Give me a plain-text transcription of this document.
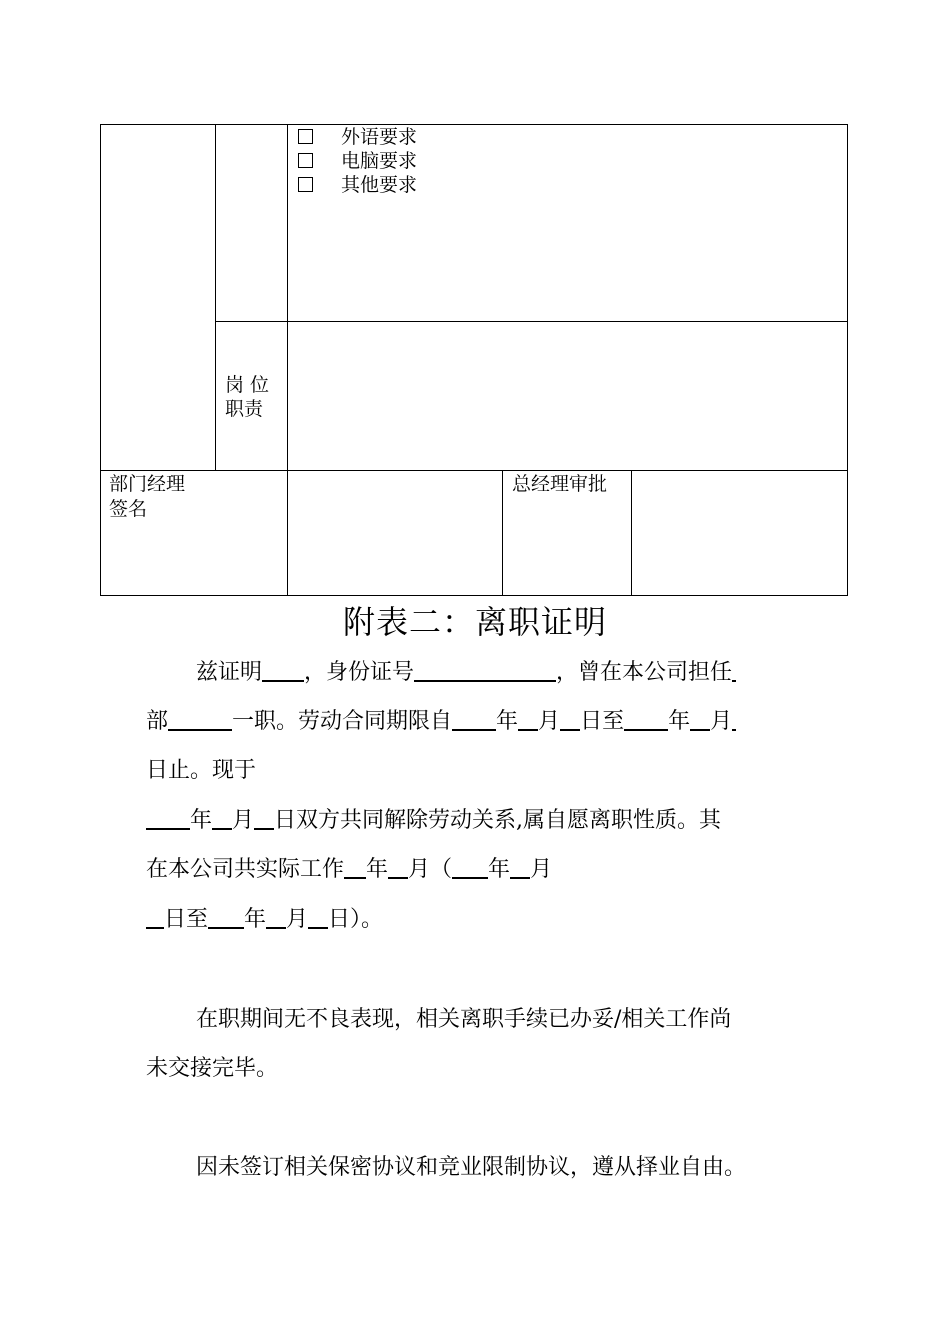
外语要求
电脑要求
其他要求
岗 位
职责
部门经理
签名
总经理审批
附表二：离职证明
兹证明 ，身份证号	，曾在本公司担任
部	一职。劳动合同期限自 年 月 日至 年 月
日止。现于
年 月 日双方共同解除劳动关系,属自愿离职性质。其
在本公司共实际工作 年 月（ 年 月
日至 年 月 日）。
在职期间无不良表现，相关离职手续已办妥/相关工作尚
未交接完毕。
因未签订相关保密协议和竞业限制协议，遵从择业自由。
